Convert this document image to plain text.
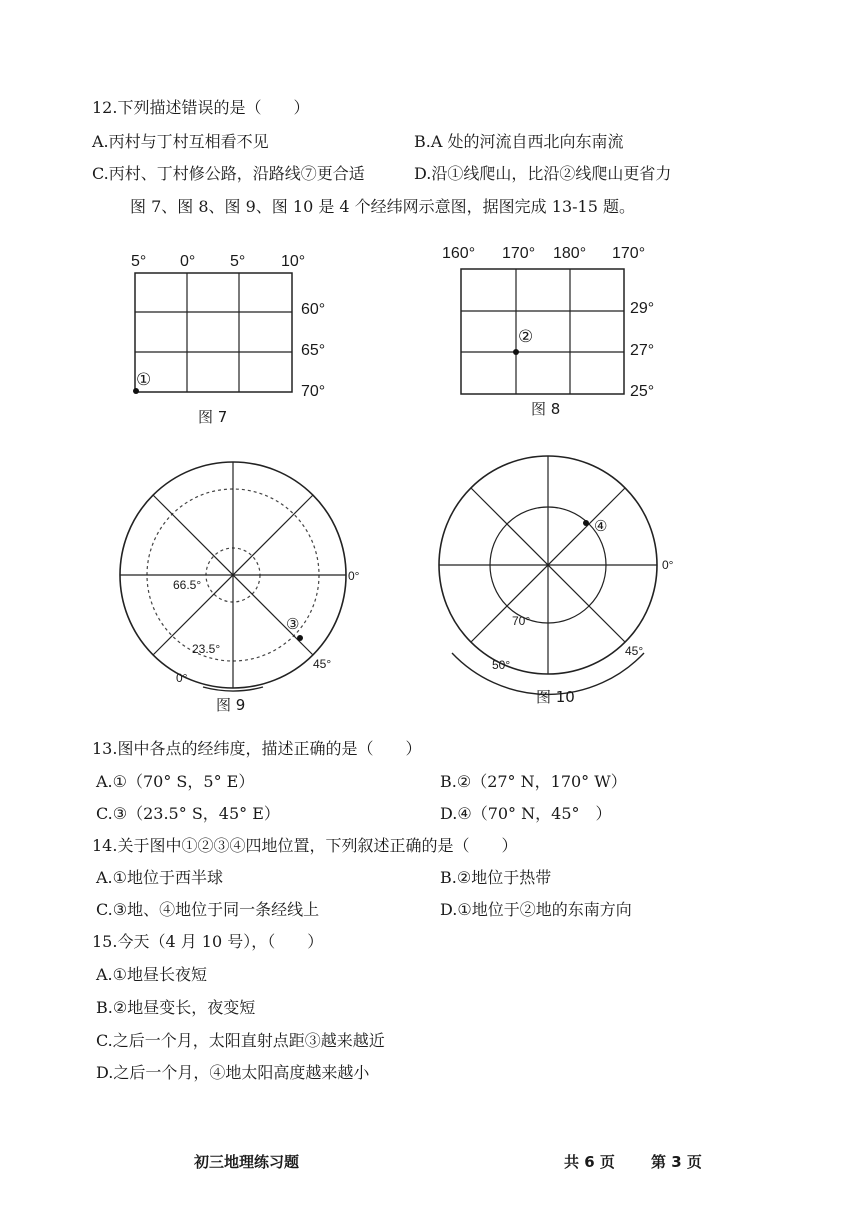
12.下列描述错误的是（　　）
A.丙村与丁村互相看不见	B.A 处的河流自西北向东南流
C.丙村、丁村修公路，沿路线⑦更合适	D.沿①线爬山，比沿②线爬山更省力
图 7、图 8、图 9、图 10 是 4 个经纬网示意图，据图完成 13-15 题。
5° 0° 5° 10°
60°
65°
70°
①
图 7
160° 170° 180° 170°
②
29°
27°
25°
图 8
0°
66.5°
23.5°
0°
45°
③
图 9
0°
70°
50°
45°
④
图 10
13.图中各点的经纬度，描述正确的是（　　）
A.①（70° S，5° E）	B.②（27° N，170° W）
C.③（23.5° S，45° E）	D.④（70° N，45°　）
14.关于图中①②③④四地位置，下列叙述正确的是（　　）
A.①地位于西半球	B.②地位于热带
C.③地、④地位于同一条经线上	D.①地位于②地的东南方向
15.今天（4 月 10 号），（　　）
A.①地昼长夜短
B.②地昼变长，夜变短
C.之后一个月，太阳直射点距③越来越近
D.之后一个月，④地太阳高度越来越小
初三地理练习题	共 6 页 第 3 页
